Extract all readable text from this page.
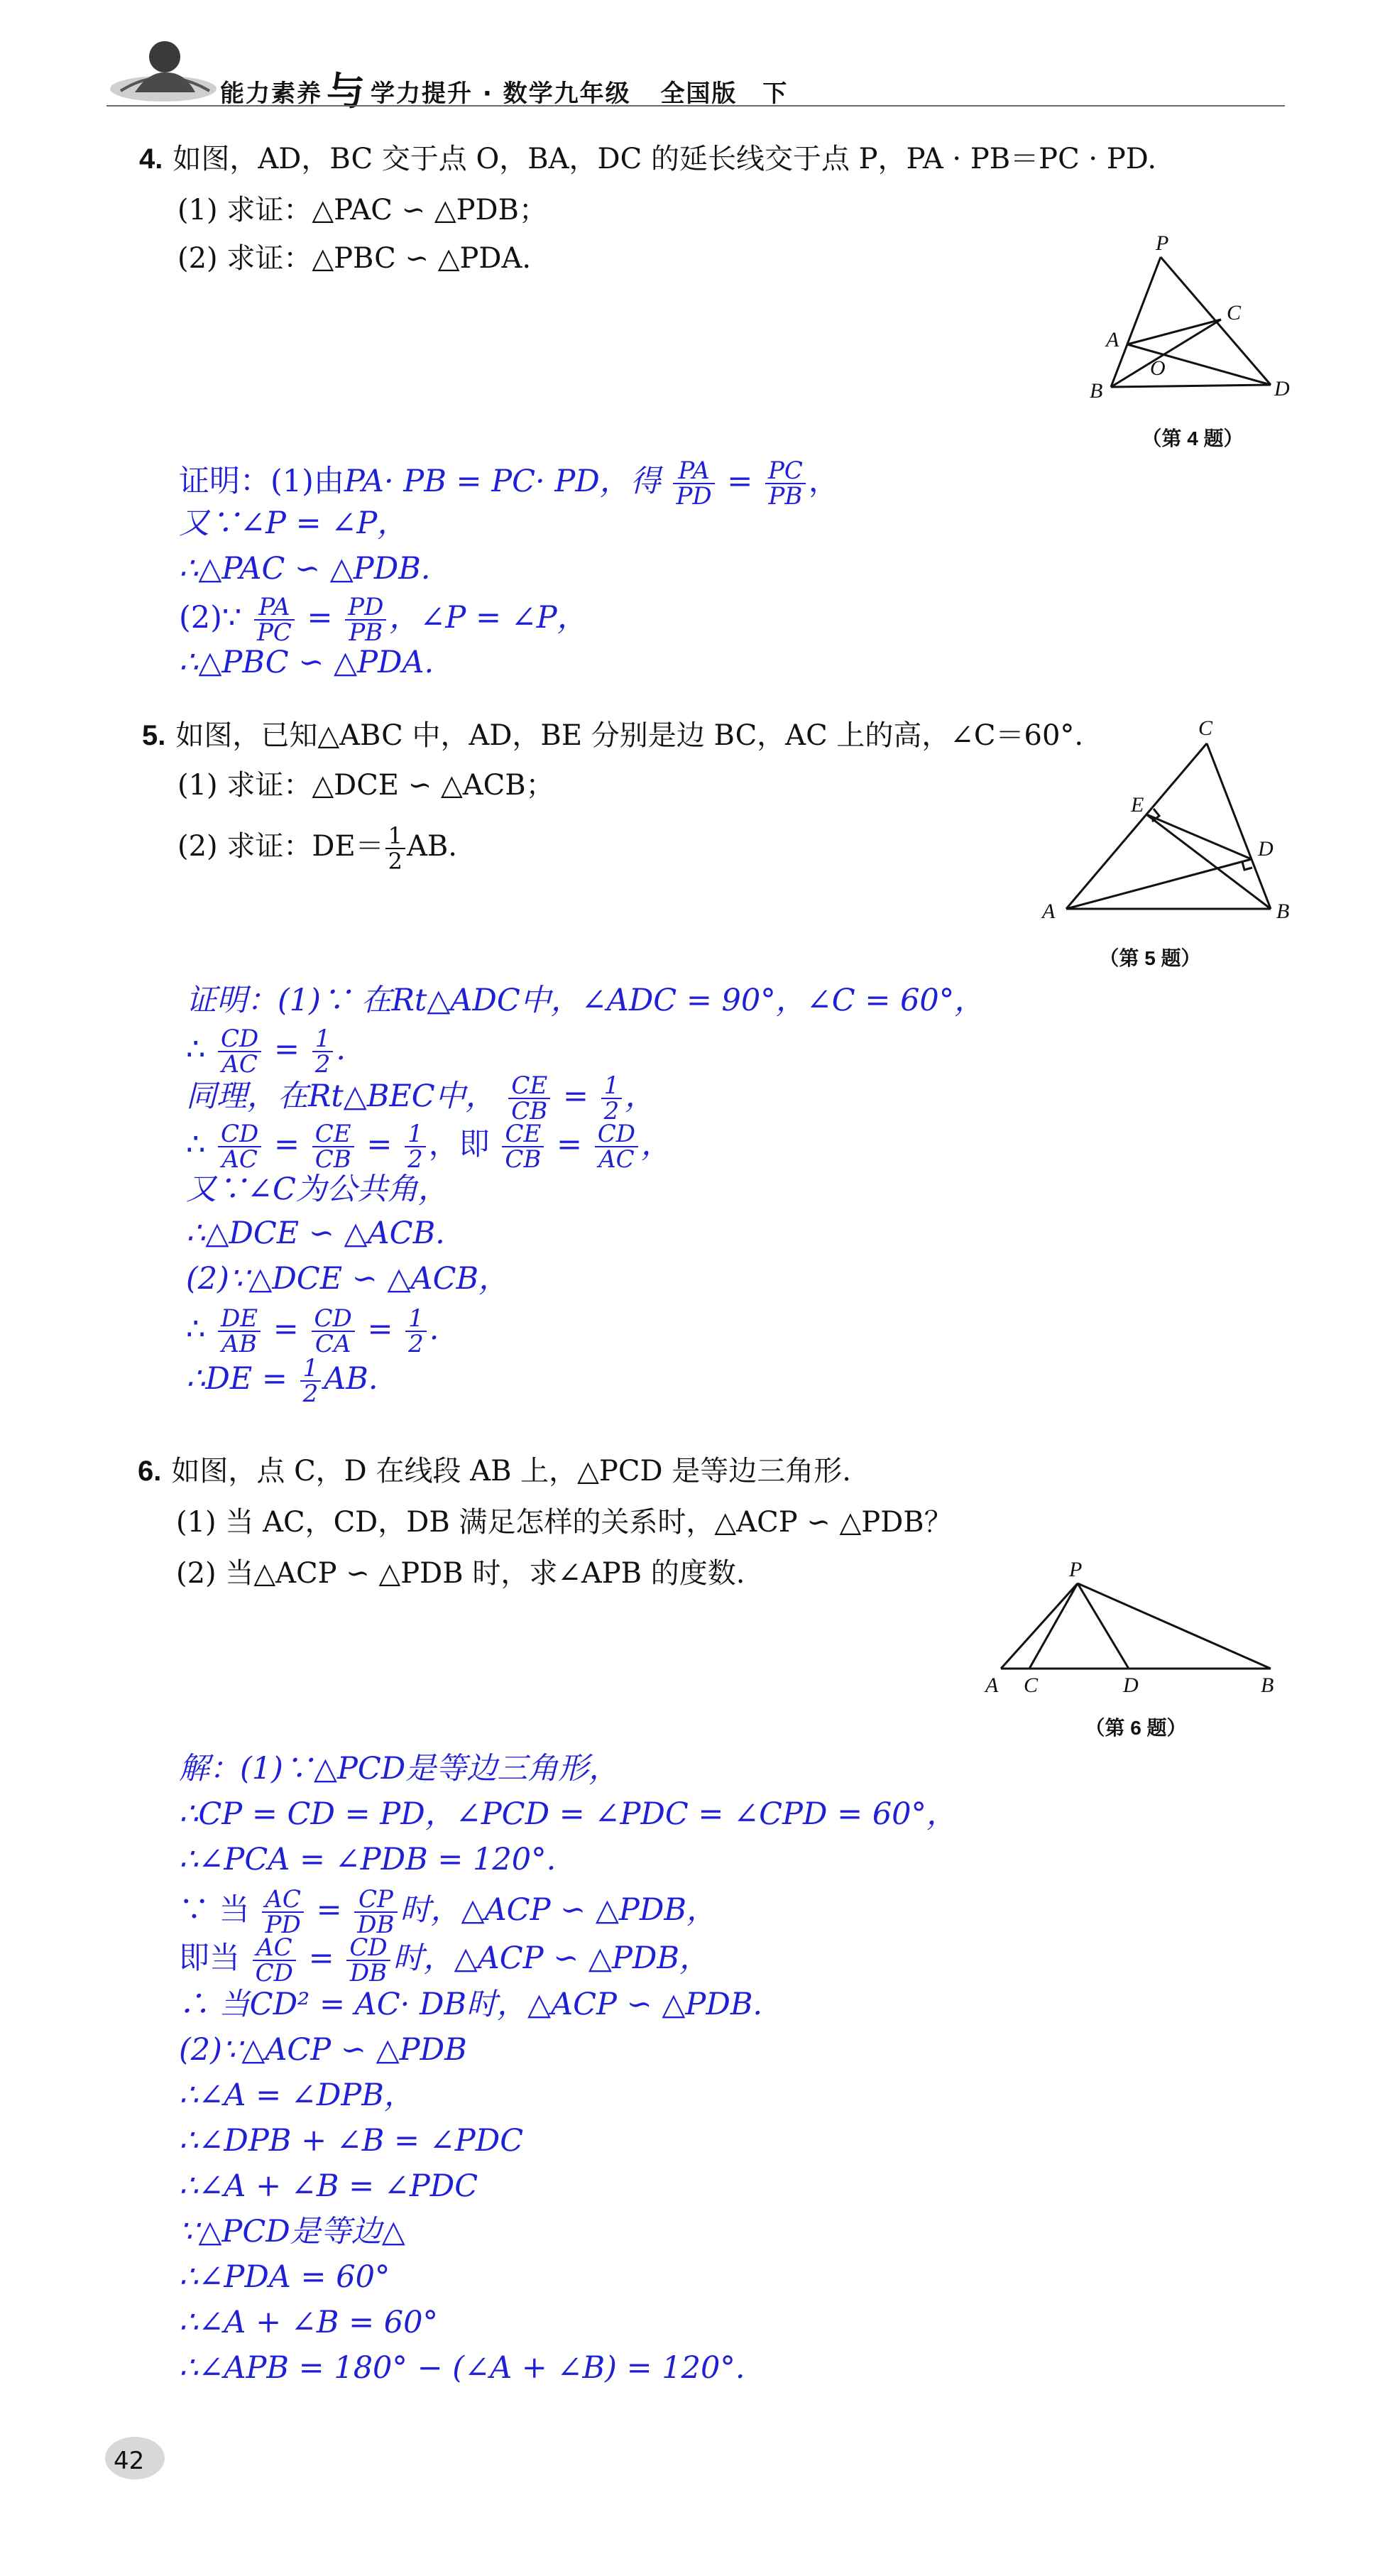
能力素养 与 学力提升 · 数学九年级 全国版 下
4. 如图，AD，BC 交于点 O，BA，DC 的延长线交于点 P，PA · PB＝PC · PD.
(1) 求证：△PAC ∽ △PDB；
(2) 求证：△PBC ∽ △PDA.	P
C
A
O
B	D
（第 4 题）
证明：(1)由PA· PB = PC· PD，得 $\frac{PA}{PD} = \frac{PC}{PB}$ ，
又∵∠P = ∠P，
∴△PAC ∽ △PDB.
(2)∵ $\frac{PA}{PC} = \frac{PD}{PB}$ ，∠P = ∠P，
∴△PBC ∽ △PDA.
5. 如图，已知△ABC 中，AD，BE 分别是边 BC，AC 上的高，∠C＝60°.
(1) 求证：△DCE ∽ △ACB；
(2) 求证：$DE= \frac{1}{2}$ AB.
C
E
D
A	B
（第 5 题）
证明：(1)∵ 在Rt△ADC中，∠ADC = 90°，∠C = 60°，
∴ $\frac{CD}{AC} = \frac{1}{2}$ .
同理，在Rt△BEC中， $\frac{CE}{CB} = \frac{1}{2}$ ，
∴ $\frac{CD}{AC} = \frac{CE}{CB} = \frac{1}{2}$ ，即 $\frac{CE}{CB} = \frac{CD}{AC}$ ，
又∵∠C为公共角，
∴△DCE ∽ △ACB.
(2)∵△DCE ∽ △ACB，
∴ $\frac{DE}{AB} = \frac{CD}{CA} = \frac{1}{2}$ .
∴DE = $\frac{1}{2}$ AB.
6. 如图，点 C，D 在线段 AB 上，△PCD 是等边三角形.
(1) 当 AC，CD，DB 满足怎样的关系时，△ACP ∽ △PDB？
(2) 当△ACP ∽ △PDB 时，求∠APB 的度数.	P
A C	D	B
（第 6 题）
解：(1)∵△PCD是等边三角形，
∴CP = CD = PD，∠PCD = ∠PDC = ∠CPD = 60°，
∴∠PCA = ∠PDB = 120°.
∵ 当 $\frac{AC}{PD} = \frac{CP}{DB}$ 时，△ACP ∽ △PDB，
即当 $\frac{AC}{CD} = \frac{CD}{DB}$ 时，△ACP ∽ △PDB，
∴ 当CD² = AC· DB时，△ACP ∽ △PDB.
(2)∵△ACP ∽ △PDB
∴∠A = ∠DPB，
∴∠DPB + ∠B = ∠PDC
∴∠A + ∠B = ∠PDC
∵△PCD是等边△
∴∠PDA = 60°
∴∠A + ∠B = 60°
∴∠APB = 180° − (∠A + ∠B) = 120°.
42
